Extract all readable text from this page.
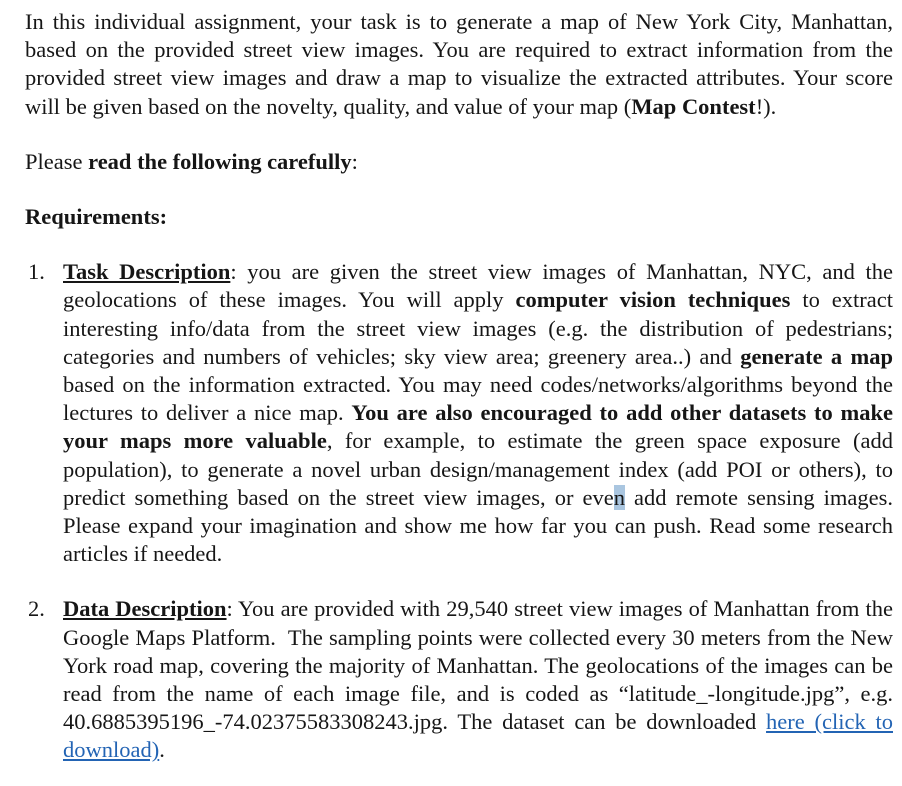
In this individual assignment, your task is to generate a map of New York City, Manhattan, based on the provided street view images. You are required to extract information from the provided street view images and draw a map to visualize the extracted attributes. Your score will be given based on the novelty, quality, and value of your map (Map Contest!).

Please read the following carefully:

Requirements:

1. Task Description: you are given the street view images of Manhattan, NYC, and the geolocations of these images. You will apply computer vision techniques to extract interesting info/data from the street view images (e.g. the distribution of pedestrians; categories and numbers of vehicles; sky view area; greenery area..) and generate a map based on the information extracted. You may need codes/networks/algorithms beyond the lectures to deliver a nice map. You are also encouraged to add other datasets to make your maps more valuable, for example, to estimate the green space exposure (add population), to generate a novel urban design/management index (add POI or others), to predict something based on the street view images, or even add remote sensing images. Please expand your imagination and show me how far you can push. Read some research articles if needed.
2. Data Description: You are provided with 29,540 street view images of Manhattan from the Google Maps Platform.  The sampling points were collected every 30 meters from the New York road map, covering the majority of Manhattan. The geolocations of the images can be read from the name of each image file, and is coded as “latitude_-longitude.jpg”, e.g. 40.6885395196_-74.02375583308243.jpg. The dataset can be downloaded here (click to download).
